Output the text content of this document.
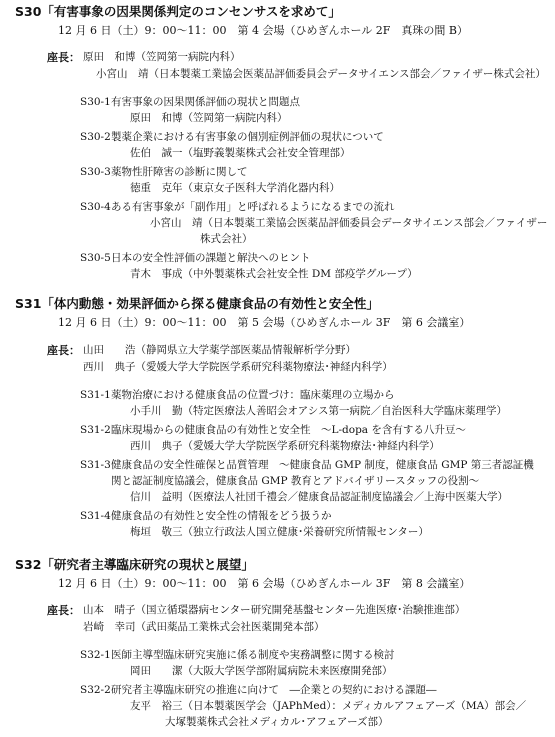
S30「有害事象の因果関係判定のコンセンサスを求めて」
12 月 6 日（土）9：00～11：00　第 4 会場（ひめぎんホール 2F　真珠の間 B）
座長： 原田　和博（笠岡第一病院内科）
小宮山　靖（日本製薬工業協会医薬品評価委員会データサイエンス部会／ファイザー株式会社）
S30-1 有害事象の因果関係評価の現状と問題点
原田　和博（笠岡第一病院内科）
S30-2 製薬企業における有害事象の個別症例評価の現状について
佐伯　誠一（塩野義製薬株式会社安全管理部）
S30-3 薬物性肝障害の診断に関して
徳重　克年（東京女子医科大学消化器内科）
S30-4 ある有害事象が「副作用」と呼ばれるようになるまでの流れ
小宮山　靖（日本製薬工業協会医薬品評価委員会データサイエンス部会／ファイザー
株式会社）
S30-5 日本の安全性評価の課題と解決へのヒント
青木　事成（中外製薬株式会社安全性 DM 部疫学グループ）
S31「体内動態・効果評価から探る健康食品の有効性と安全性」
12 月 6 日（土）9：00～11：00　第 5 会場（ひめぎんホール 3F　第 6 会議室）
座長： 山田　　浩（静岡県立大学薬学部医薬品情報解析学分野）
西川　典子（愛媛大学大学院医学系研究科薬物療法･神経内科学）
S31-1 薬物治療における健康食品の位置づけ：臨床薬理の立場から
小手川　勤（特定医療法人善昭会オアシス第一病院／自治医科大学臨床薬理学）
S31-2 臨床現場からの健康食品の有効性と安全性　～L-dopa を含有する八升豆～
西川　典子（愛媛大学大学院医学系研究科薬物療法･神経内科学）
S31-3 健康食品の安全性確保と品質管理　～健康食品 GMP 制度，健康食品 GMP 第三者認証機
関と認証制度協議会，健康食品 GMP 教育とアドバイザリースタッフの役割～
信川　益明（医療法人社団千禮会／健康食品認証制度協議会／上海中医薬大学）
S31-4 健康食品の有効性と安全性の情報をどう扱うか
梅垣　敬三（独立行政法人国立健康･栄養研究所情報センター）
S32「研究者主導臨床研究の現状と展望」
12 月 6 日（土）9：00～11：00　第 6 会場（ひめぎんホール 3F　第 8 会議室）
座長： 山本　晴子（国立循環器病センター研究開発基盤センター先進医療･治験推進部）
岩崎　幸司（武田薬品工業株式会社医薬開発本部）
S32-1 医師主導型臨床研究実施に係る制度や実務調整に関する検討
岡田　　潔（大阪大学医学部附属病院未来医療開発部）
S32-2 研究者主導臨床研究の推進に向けて　―企業との契約における課題―
友平　裕三（日本製薬医学会（JAPhMed）：メディカルアフェアーズ（MA）部会／
大塚製薬株式会社メディカル･アフェアーズ部）
